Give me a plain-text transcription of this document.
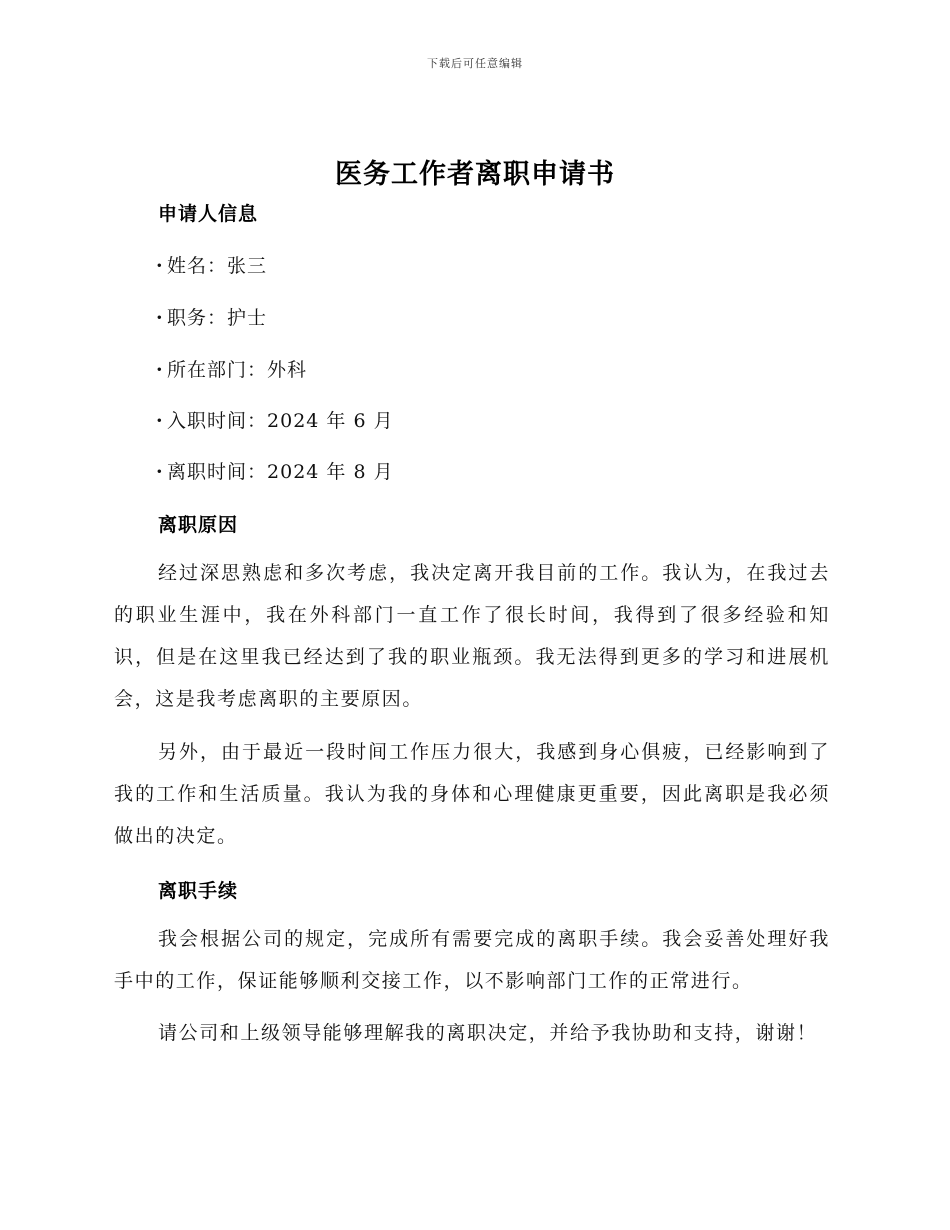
下载后可任意编辑
医务工作者离职申请书
申请人信息
· 姓名：张三
· 职务：护士
· 所在部门：外科
· 入职时间：2024 年 6 月
· 离职时间：2024 年 8 月
离职原因

经过深思熟虑和多次考虑，我决定离开我目前的工作。我认为，在我过去的职业生涯中，我在外科部门一直工作了很长时间，我得到了很多经验和知识，但是在这里我已经达到了我的职业瓶颈。我无法得到更多的学习和进展机会，这是我考虑离职的主要原因。

另外，由于最近一段时间工作压力很大，我感到身心俱疲，已经影响到了我的工作和生活质量。我认为我的身体和心理健康更重要，因此离职是我必须做出的决定。

离职手续

我会根据公司的规定，完成所有需要完成的离职手续。我会妥善处理好我手中的工作，保证能够顺利交接工作，以不影响部门工作的正常进行。

请公司和上级领导能够理解我的离职决定，并给予我协助和支持，谢谢！
